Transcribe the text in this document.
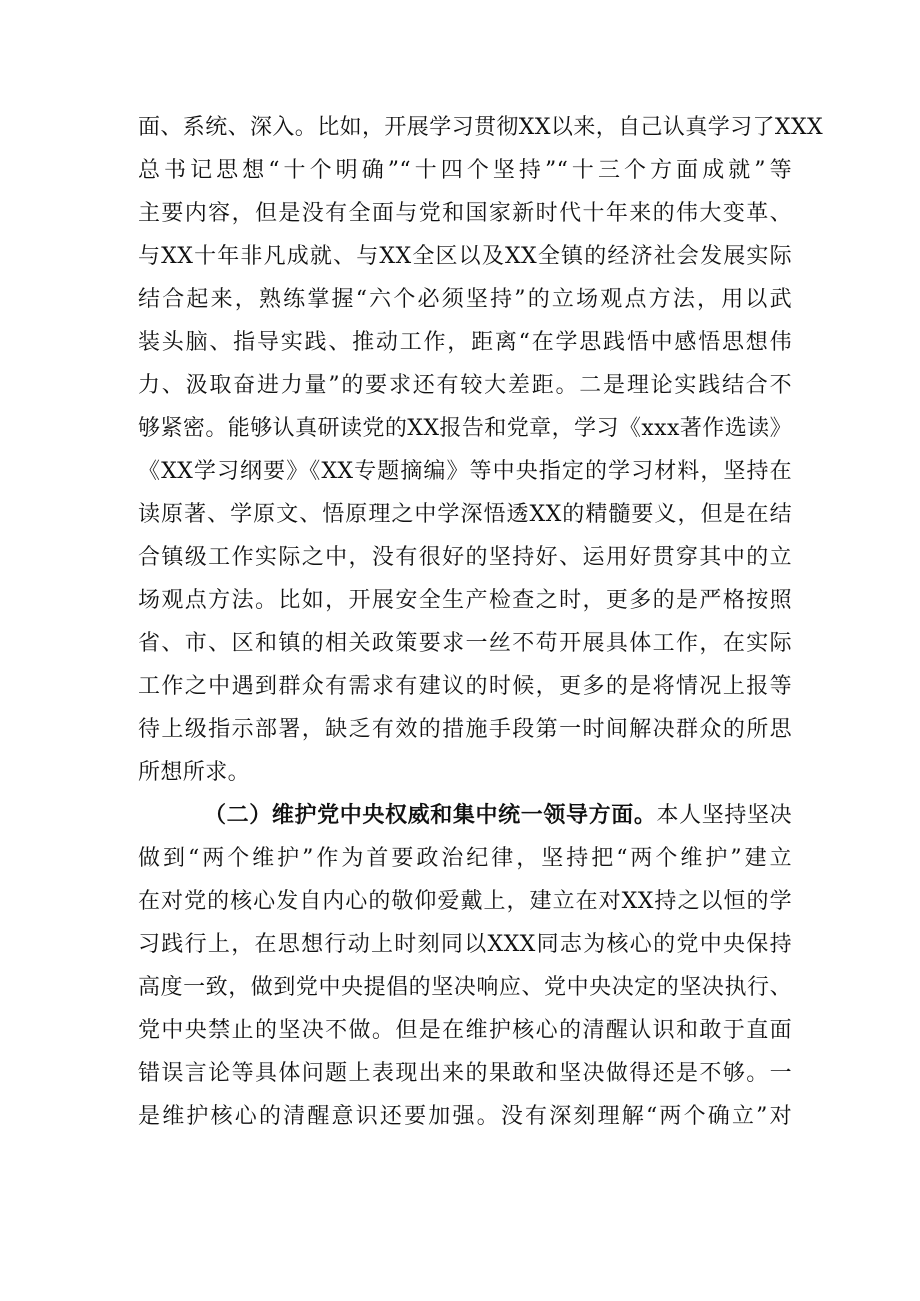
面、系统、深入。比如，开展学习贯彻XX以来，自己认真学习了XXX
总书记思想“十个明确”“十四个坚持”“十三个方面成就”等
主要内容，但是没有全面与党和国家新时代十年来的伟大变革、
与XX十年非凡成就、与XX全区以及XX全镇的经济社会发展实际
结合起来，熟练掌握“六个必须坚持”的立场观点方法，用以武
装头脑、指导实践、推动工作，距离“在学思践悟中感悟思想伟
力、汲取奋进力量”的要求还有较大差距。二是理论实践结合不
够紧密。能够认真研读党的XX报告和党章，学习《xxx著作选读》
《XX学习纲要》《XX专题摘编》等中央指定的学习材料，坚持在
读原著、学原文、悟原理之中学深悟透XX的精髓要义，但是在结
合镇级工作实际之中，没有很好的坚持好、运用好贯穿其中的立
场观点方法。比如，开展安全生产检查之时，更多的是严格按照
省、市、区和镇的相关政策要求一丝不苟开展具体工作，在实际
工作之中遇到群众有需求有建议的时候，更多的是将情况上报等
待上级指示部署，缺乏有效的措施手段第一时间解决群众的所思
所想所求。
（二）维护党中央权威和集中统一领导方面。本人坚持坚决
做到“两个维护”作为首要政治纪律，坚持把“两个维护”建立
在对党的核心发自内心的敬仰爱戴上，建立在对XX持之以恒的学
习践行上，在思想行动上时刻同以XXX同志为核心的党中央保持
高度一致，做到党中央提倡的坚决响应、党中央决定的坚决执行、
党中央禁止的坚决不做。但是在维护核心的清醒认识和敢于直面
错误言论等具体问题上表现出来的果敢和坚决做得还是不够。一
是维护核心的清醒意识还要加强。没有深刻理解“两个确立”对
